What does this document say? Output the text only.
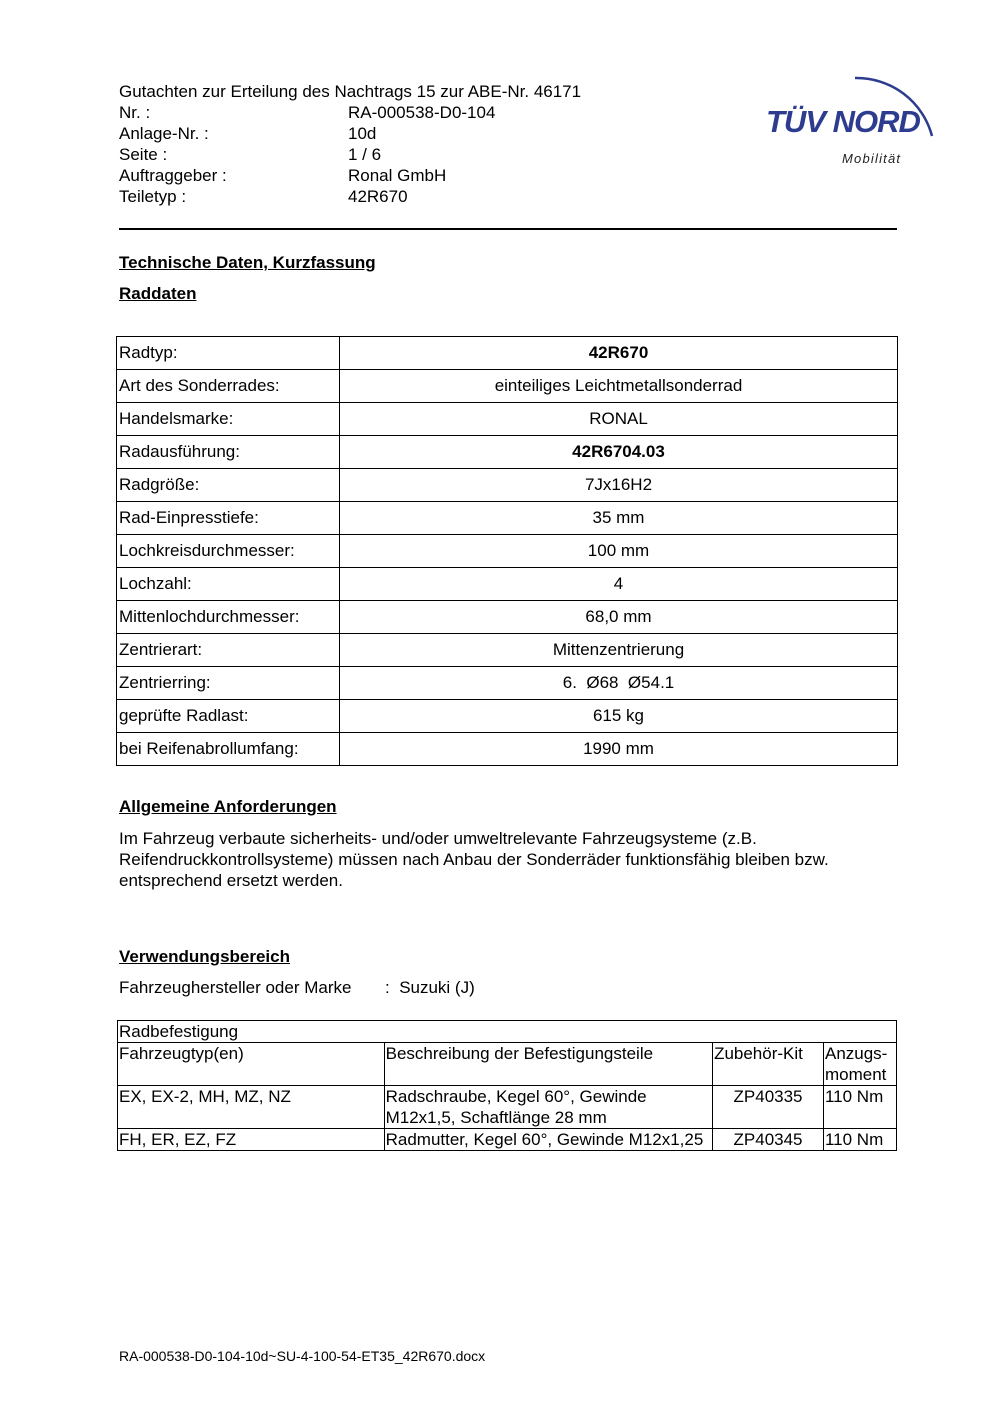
Gutachten zur Erteilung des Nachtrags 15 zur ABE-Nr. 46171
Nr. :	RA-000538-D0-104
Anlage-Nr. :	10d
Seite :	1 / 6
Auftraggeber :	Ronal GmbH
Teiletyp :	42R670
TÜV NORD
Mobilität
Technische Daten, Kurzfassung
Raddaten
Radtyp:	42R670
Art des Sonderrades:	einteiliges Leichtmetallsonderrad
Handelsmarke:	RONAL
Radausführung:	42R6704.03
Radgröße:	7Jx16H2
Rad-Einpresstiefe:	35 mm
Lochkreisdurchmesser:	100 mm
Lochzahl:	4
Mittenlochdurchmesser:	68,0 mm
Zentrierart:	Mittenzentrierung
Zentrierring:	6.  Ø68  Ø54.1
geprüfte Radlast:	615 kg
bei Reifenabrollumfang:	1990 mm
Allgemeine Anforderungen
Im Fahrzeug verbaute sicherheits- und/oder umweltrelevante Fahrzeugsysteme (z.B. Reifendruckkontrollsysteme) müssen nach Anbau der Sonderräder funktionsfähig bleiben bzw. entsprechend ersetzt werden.
Verwendungsbereich
Fahrzeughersteller oder Marke : Suzuki (J)
Radbefestigung			
Fahrzeugtyp(en)	Beschreibung der Befestigungsteile	Zubehör-Kit	Anzugs-
moment
EX, EX-2, MH, MZ, NZ	Radschraube, Kegel 60°, Gewinde M12x1,5, Schaftlänge 28 mm	ZP40335	110 Nm
FH, ER, EZ, FZ	Radmutter, Kegel 60°, Gewinde M12x1,25	ZP40345	110 Nm
RA-000538-D0-104-10d~SU-4-100-54-ET35_42R670.docx
